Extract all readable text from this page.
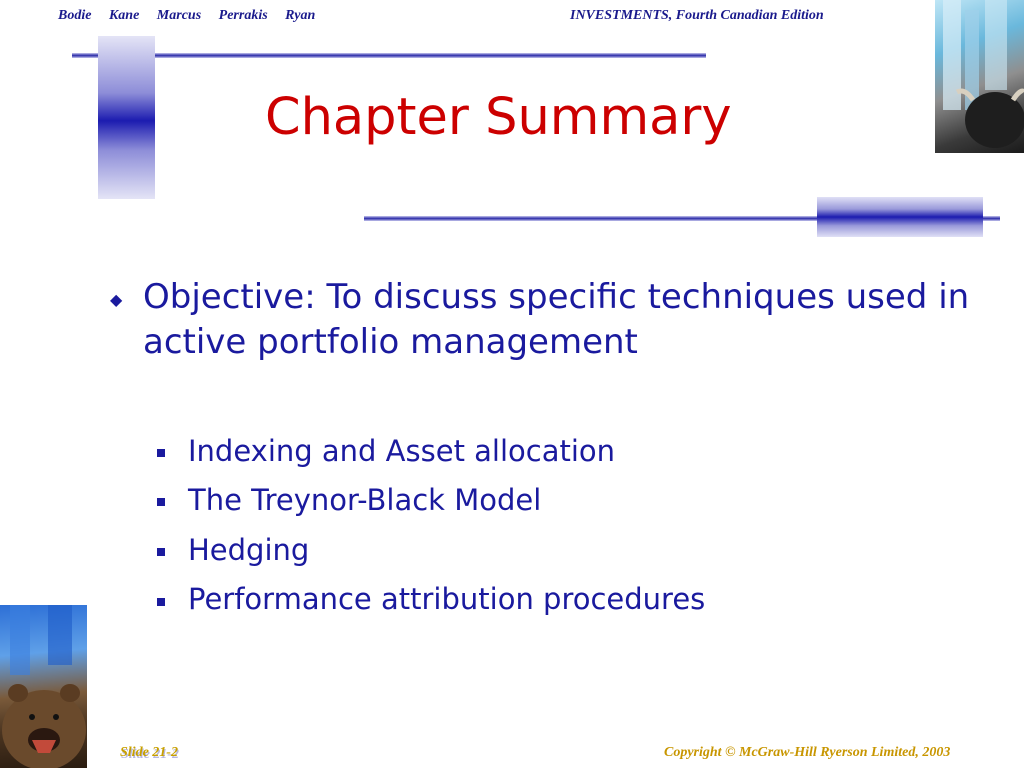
Bodie Kane Marcus Perrakis Ryan	INVESTMENTS, Fourth Canadian Edition
Chapter Summary
◆ Objective: To discuss specific techniques used in active portfolio management
Indexing and Asset allocation
The Treynor-Black Model
Hedging
Performance attribution procedures
Slide 21-2	Copyright © McGraw-Hill Ryerson Limited, 2003
